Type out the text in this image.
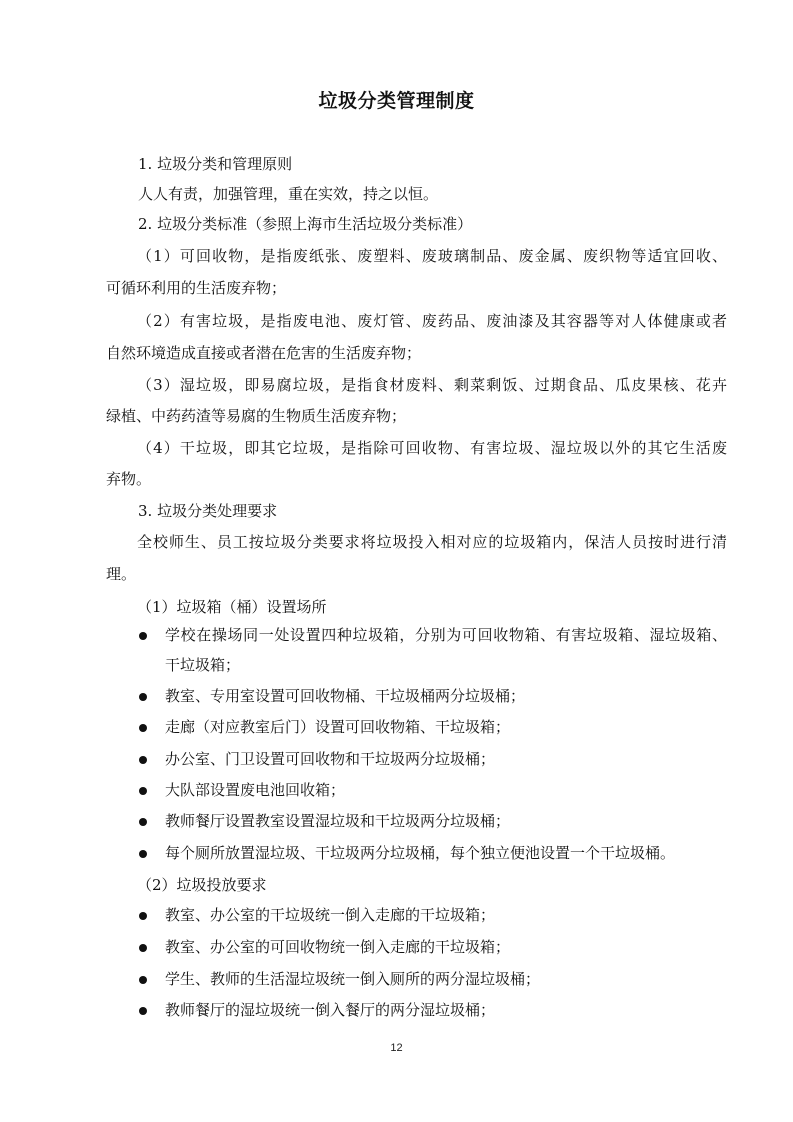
垃圾分类管理制度
1. 垃圾分类和管理原则
人人有责，加强管理，重在实效，持之以恒。
2. 垃圾分类标准（参照上海市生活垃圾分类标准）
（1）可回收物，是指废纸张、废塑料、废玻璃制品、废金属、废织物等适宜回收、
可循环利用的生活废弃物；
（2）有害垃圾，是指废电池、废灯管、废药品、废油漆及其容器等对人体健康或者
自然环境造成直接或者潜在危害的生活废弃物；
（3）湿垃圾，即易腐垃圾，是指食材废料、剩菜剩饭、过期食品、瓜皮果核、花卉
绿植、中药药渣等易腐的生物质生活废弃物；
（4）干垃圾，即其它垃圾，是指除可回收物、有害垃圾、湿垃圾以外的其它生活废
弃物。
3. 垃圾分类处理要求
全校师生、员工按垃圾分类要求将垃圾投入相对应的垃圾箱内，保洁人员按时进行清
理。
（1）垃圾箱（桶）设置场所
学校在操场同一处设置四种垃圾箱，分别为可回收物箱、有害垃圾箱、湿垃圾箱、
干垃圾箱；
教室、专用室设置可回收物桶、干垃圾桶两分垃圾桶；
走廊（对应教室后门）设置可回收物箱、干垃圾箱；
办公室、门卫设置可回收物和干垃圾两分垃圾桶；
大队部设置废电池回收箱；
教师餐厅设置教室设置湿垃圾和干垃圾两分垃圾桶；
每个厕所放置湿垃圾、干垃圾两分垃圾桶，每个独立便池设置一个干垃圾桶。
（2）垃圾投放要求
教室、办公室的干垃圾统一倒入走廊的干垃圾箱；
教室、办公室的可回收物统一倒入走廊的干垃圾箱；
学生、教师的生活湿垃圾统一倒入厕所的两分湿垃圾桶；
教师餐厅的湿垃圾统一倒入餐厅的两分湿垃圾桶；
12
